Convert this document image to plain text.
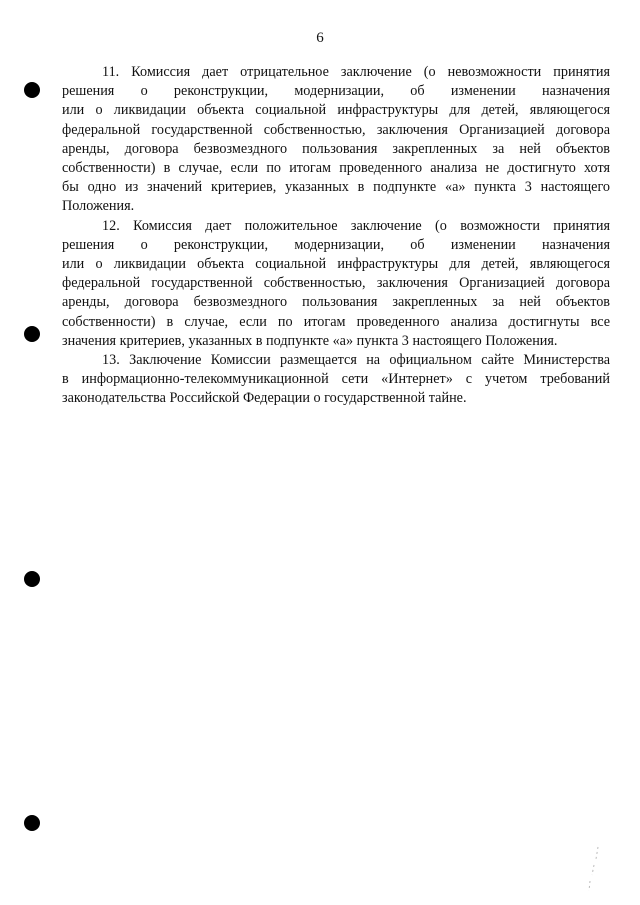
6

11. Комиссия дает отрицательное заключение (о невозможности принятия
решения о реконструкции, модернизации, об изменении назначения
или о ликвидации объекта социальной инфраструктуры для детей, являющегося
федеральной государственной собственностью, заключения Организацией договора
аренды, договора безвозмездного пользования закрепленных за ней объектов
собственности) в случае, если по итогам проведенного анализа не достигнуто хотя
бы одно из значений критериев, указанных в подпункте «а» пункта 3 настоящего
Положения.

12. Комиссия дает положительное заключение (о возможности принятия
решения о реконструкции, модернизации, об изменении назначения
или о ликвидации объекта социальной инфраструктуры для детей, являющегося
федеральной государственной собственностью, заключения Организацией договора
аренды, договора безвозмездного пользования закрепленных за ней объектов
собственности) в случае, если по итогам проведенного анализа достигнуты все
значения критериев, указанных в подпункте «а» пункта 3 настоящего Положения.

13. Заключение Комиссии размещается на официальном сайте Министерства
в информационно-телекоммуникационной сети «Интернет» с учетом требований
законодательства Российской Федерации о государственной тайне.
